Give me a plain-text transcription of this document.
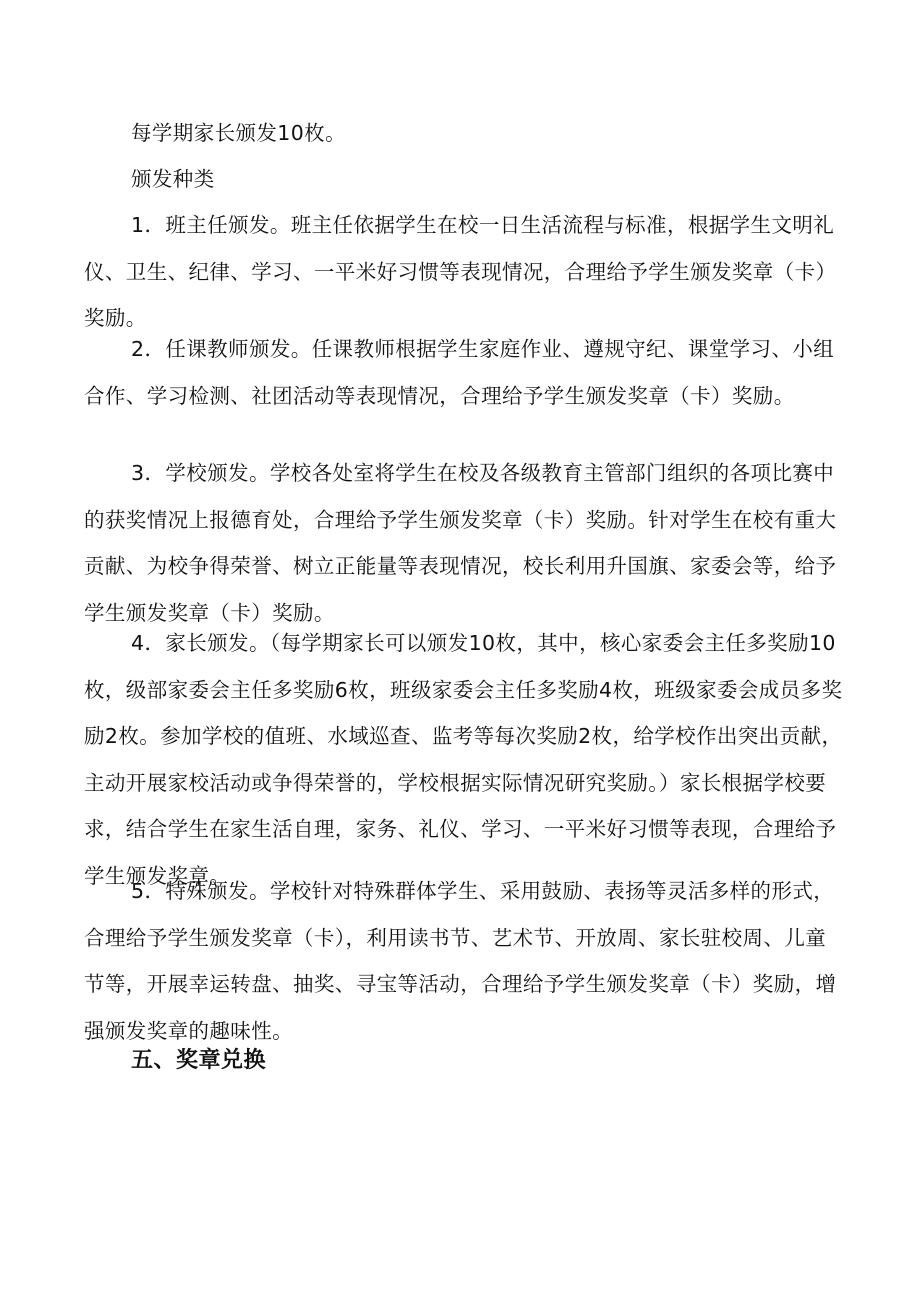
每学期家长颁发10枚。

颁发种类

1．班主任颁发。班主任依据学生在校一日生活流程与标准，根据学生文明礼仪、卫生、纪律、学习、一平米好习惯等表现情况，合理给予学生颁发奖章（卡）奖励。

2．任课教师颁发。任课教师根据学生家庭作业、遵规守纪、课堂学习、小组合作、学习检测、社团活动等表现情况，合理给予学生颁发奖章（卡）奖励。

3．学校颁发。学校各处室将学生在校及各级教育主管部门组织的各项比赛中的获奖情况上报德育处，合理给予学生颁发奖章（卡）奖励。针对学生在校有重大贡献、为校争得荣誉、树立正能量等表现情况，校长利用升国旗、家委会等，给予学生颁发奖章（卡）奖励。

4．家长颁发。（每学期家长可以颁发10枚，其中，核心家委会主任多奖励10枚，级部家委会主任多奖励6枚，班级家委会主任多奖励4枚，班级家委会成员多奖励2枚。参加学校的值班、水域巡查、监考等每次奖励2枚，给学校作出突出贡献，主动开展家校活动或争得荣誉的，学校根据实际情况研究奖励。）家长根据学校要求，结合学生在家生活自理，家务、礼仪、学习、一平米好习惯等表现，合理给予学生颁发奖章。

5．特殊颁发。学校针对特殊群体学生、采用鼓励、表扬等灵活多样的形式，合理给予学生颁发奖章（卡），利用读书节、艺术节、开放周、家长驻校周、儿童节等，开展幸运转盘、抽奖、寻宝等活动，合理给予学生颁发奖章（卡）奖励，增强颁发奖章的趣味性。

五、奖章兑换
